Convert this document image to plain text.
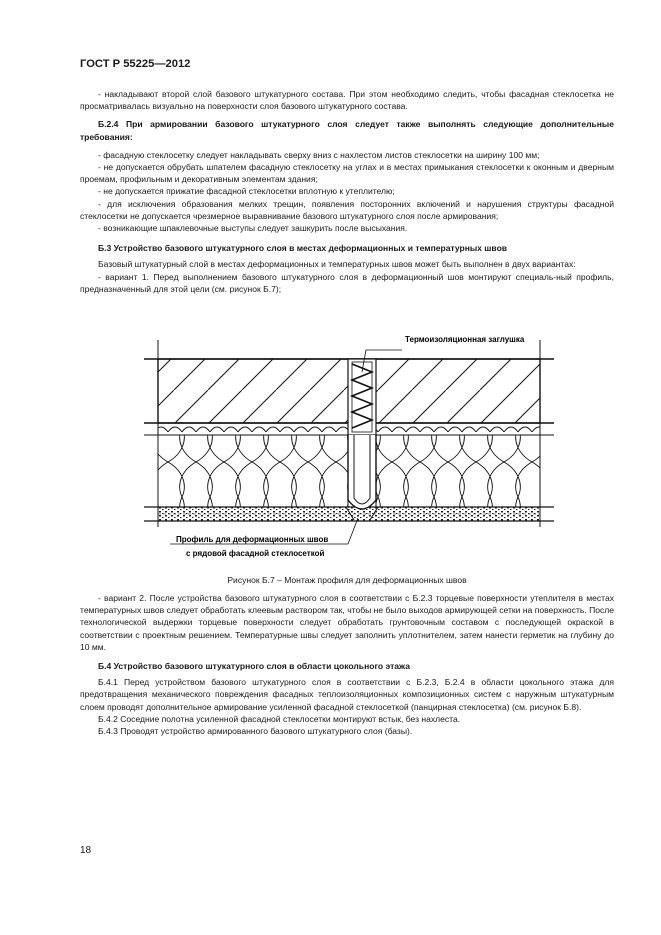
ГОСТ Р 55225—2012

- накладывают второй слой базового штукатурного состава. При этом необходимо следить, чтобы фасадная стеклосетка не просматривалась визуально на поверхности слоя базового штукатурного состава.

Б.2.4 При армировании базового штукатурного слоя следует также выполнять следующие дополнительные требования:

- фасадную стеклосетку следует накладывать сверху вниз с нахлестом листов стеклосетки на ширину 100 мм;

- не допускается обрубать шпателем фасадную стеклосетку на углах и в местах примыкания стеклосетки к оконным и дверным проемам, профильным и декоративным элементам здания;

- не допускается прижатие фасадной стеклосетки вплотную к утеплителю;

- для исключения образования мелких трещин, появления посторонних включений и нарушения структуры фасадной стеклосетки не допускается чрезмерное выравнивание базового штукатурного слоя после армирования;

- возникающие шпаклевочные выступы следует зашкурить после высыхания.

Б.3 Устройство базового штукатурного слоя в местах деформационных и температурных швов

Базовый штукатурный слой в местах деформационных и температурных швов может быть выполнен в двух вариантах:

- вариант 1. Перед выполнением базового штукатурного слоя в деформационный шов монтируют специаль-ный профиль, предназначенный для этой цели (см. рисунок Б.7);

Термоизоляционная заглушка
Профиль для деформационных швов
с рядовой фасадной стеклосеткой
Рисунок Б.7 – Монтаж профиля для деформационных швов

- вариант 2. После устройства базового штукатурного слоя в соответствии с Б.2.3 торцевые поверхности утеплителя в местах температурных швов следует обработать клеевым раствором так, чтобы не было выходов армирующей сетки на поверхность. После технологической выдержки торцевые поверхности следует обработать грунтовочным составом с последующей окраской в соответствии с проектным решением. Температурные швы следует заполнить уплотнителем, затем нанести герметик на глубину до 10 мм.

Б.4 Устройство базового штукатурного слоя в области цокольного этажа

Б.4.1 Перед устройством базового штукатурного слоя в соответствии с Б.2.3, Б.2.4 в области цокольного этажа для предотвращения механического повреждения фасадных теплоизоляционных композиционных систем с наружным штукатурным слоем проводят дополнительное армирование усиленной фасадной стеклосеткой (панцирная стеклосетка) (см. рисунок Б.8).

Б.4.2 Соседние полотна усиленной фасадной стеклосетки монтируют встык, без нахлеста.

Б.4.3 Проводят устройство армированного базового штукатурного слоя (базы).

18
